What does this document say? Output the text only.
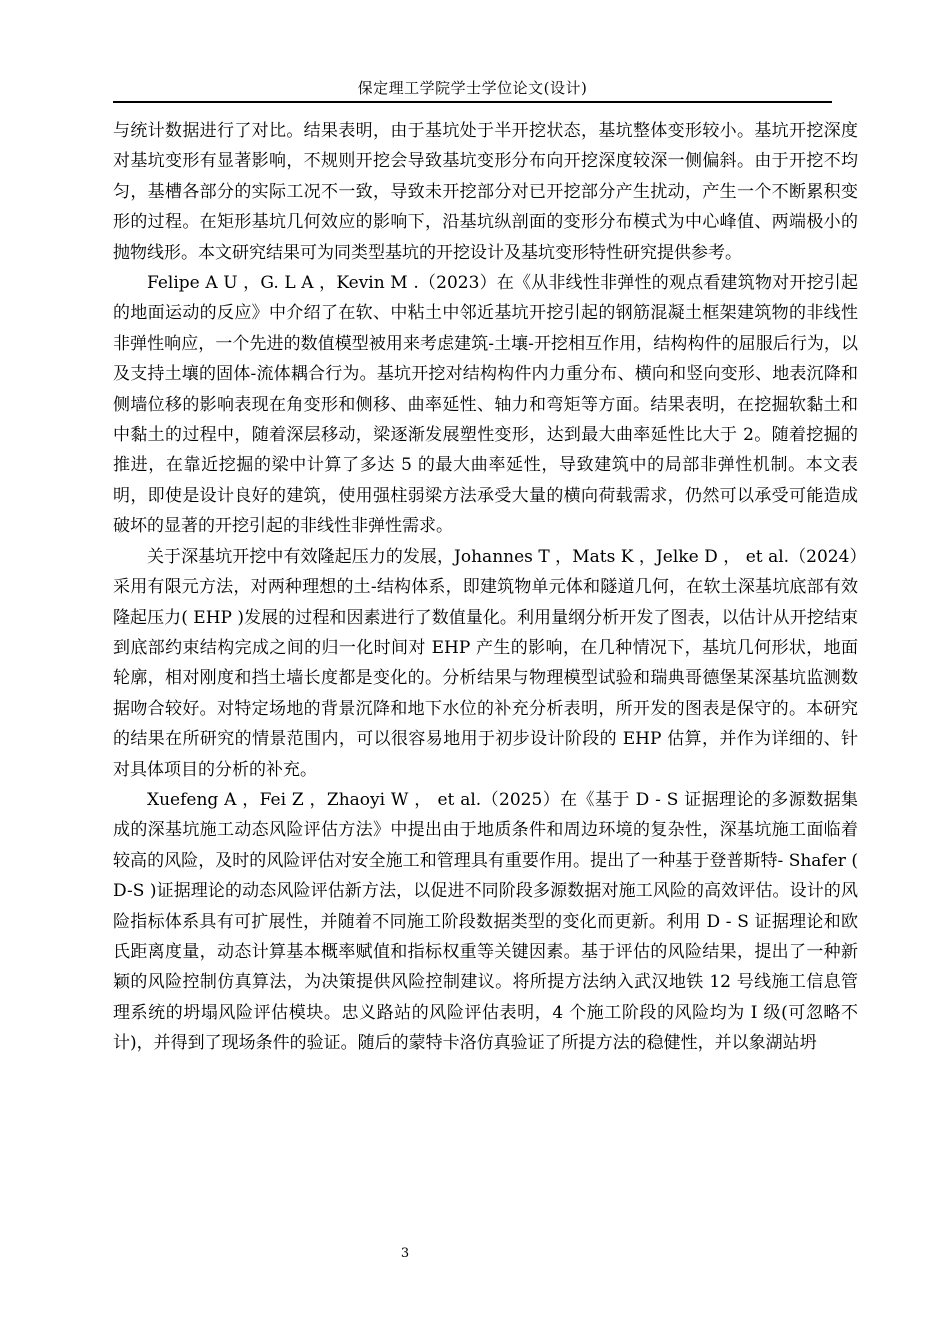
保定理工学院学士学位论文(设计)

与统计数据进行了对比。结果表明，由于基坑处于半开挖状态，基坑整体变形较小。基坑开挖深度对基坑变形有显著影响，不规则开挖会导致基坑变形分布向开挖深度较深一侧偏斜。由于开挖不均匀，基槽各部分的实际工况不一致，导致未开挖部分对已开挖部分产生扰动，产生一个不断累积变形的过程。在矩形基坑几何效应的影响下，沿基坑纵剖面的变形分布模式为中心峰值、两端极小的抛物线形。本文研究结果可为同类型基坑的开挖设计及基坑变形特性研究提供参考。

Felipe A U ，G. L A ，Kevin M .（2023）在《从非线性非弹性的观点看建筑物对开挖引起的地面运动的反应》中介绍了在软、中粘土中邻近基坑开挖引起的钢筋混凝土框架建筑物的非线性非弹性响应，一个先进的数值模型被用来考虑建筑-土壤-开挖相互作用，结构构件的屈服后行为，以及支持土壤的固体-流体耦合行为。基坑开挖对结构构件内力重分布、横向和竖向变形、地表沉降和侧墙位移的影响表现在角变形和侧移、曲率延性、轴力和弯矩等方面。结果表明，在挖掘软黏土和中黏土的过程中，随着深层移动，梁逐渐发展塑性变形，达到最大曲率延性比大于 2。随着挖掘的推进，在靠近挖掘的梁中计算了多达 5 的最大曲率延性，导致建筑中的局部非弹性机制。本文表明，即使是设计良好的建筑，使用强柱弱梁方法承受大量的横向荷载需求，仍然可以承受可能造成破坏的显著的开挖引起的非线性非弹性需求。

关于深基坑开挖中有效隆起压力的发展，Johannes T ，Mats K ，Jelke D ， et al.（2024）采用有限元方法，对两种理想的土-结构体系，即建筑物单元体和隧道几何，在软土深基坑底部有效隆起压力( EHP )发展的过程和因素进行了数值量化。利用量纲分析开发了图表，以估计从开挖结束到底部约束结构完成之间的归一化时间对 EHP 产生的影响，在几种情况下，基坑几何形状，地面轮廓，相对刚度和挡土墙长度都是变化的。分析结果与物理模型试验和瑞典哥德堡某深基坑监测数据吻合较好。对特定场地的背景沉降和地下水位的补充分析表明，所开发的图表是保守的。本研究的结果在所研究的情景范围内，可以很容易地用于初步设计阶段的 EHP 估算，并作为详细的、针对具体项目的分析的补充。

Xuefeng A ，Fei Z ，Zhaoyi W ， et al.（2025）在《基于 D - S 证据理论的多源数据集成的深基坑施工动态风险评估方法》中提出由于地质条件和周边环境的复杂性，深基坑施工面临着较高的风险，及时的风险评估对安全施工和管理具有重要作用。提出了一种基于登普斯特- Shafer ( D-S )证据理论的动态风险评估新方法，以促进不同阶段多源数据对施工风险的高效评估。设计的风险指标体系具有可扩展性，并随着不同施工阶段数据类型的变化而更新。利用 D - S 证据理论和欧氏距离度量，动态计算基本概率赋值和指标权重等关键因素。基于评估的风险结果，提出了一种新颖的风险控制仿真算法，为决策提供风险控制建议。将所提方法纳入武汉地铁 12 号线施工信息管理系统的坍塌风险评估模块。忠义路站的风险评估表明，4 个施工阶段的风险均为 I 级(可忽略不计)，并得到了现场条件的验证。随后的蒙特卡洛仿真验证了所提方法的稳健性，并以象湖站坍

3
